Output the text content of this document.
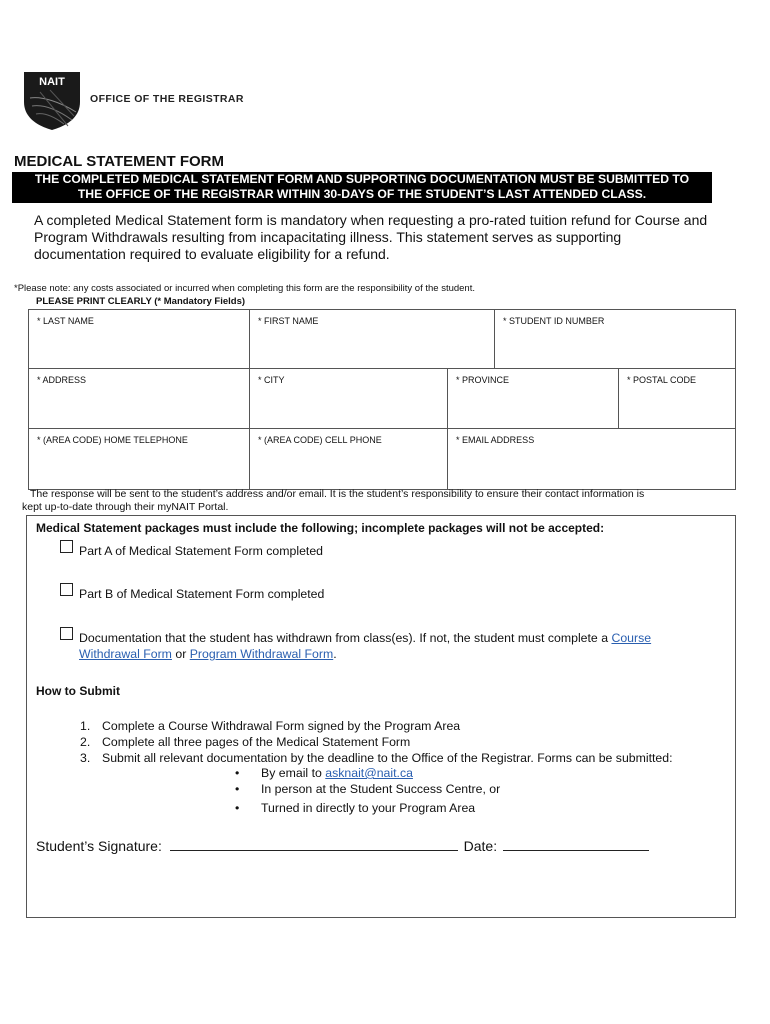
NAIT
OFFICE OF THE REGISTRAR
MEDICAL STATEMENT FORM
THE COMPLETED MEDICAL STATEMENT FORM AND SUPPORTING DOCUMENTATION MUST BE SUBMITTED TO
THE OFFICE OF THE REGISTRAR WITHIN 30-DAYS OF THE STUDENT’S LAST ATTENDED CLASS.
A completed Medical Statement form is mandatory when requesting a pro-rated tuition refund for Course and
Program Withdrawals resulting from incapacitating illness. This statement serves as supporting
documentation required to evaluate eligibility for a refund.
*Please note: any costs associated or incurred when completing this form are the responsibility of the student.
PLEASE PRINT CLEARLY (* Mandatory Fields)
* LAST NAME	* FIRST NAME	* STUDENT ID NUMBER
* ADDRESS	* CITY	* PROVINCE	* POSTAL CODE
* (AREA CODE) HOME TELEPHONE	* (AREA CODE) CELL PHONE	* EMAIL ADDRESS
The response will be sent to the student’s address and/or email. It is the student’s responsibility to ensure their contact information is
kept up-to-date through their myNAIT Portal.
Medical Statement packages must include the following; incomplete packages will not be accepted:
Part A of Medical Statement Form completed
Part B of Medical Statement Form completed
Documentation that the student has withdrawn from class(es). If not, the student must complete a Course
Withdrawal Form or Program Withdrawal Form.
How to Submit
1. Complete a Course Withdrawal Form signed by the Program Area
2. Complete all three pages of the Medical Statement Form
3. Submit all relevant documentation by the deadline to the Office of the Registrar. Forms can be submitted:
• By email to asknait@nait.ca
• In person at the Student Success Centre, or
• Turned in directly to your Program Area
Student’s Signature:	Date:
